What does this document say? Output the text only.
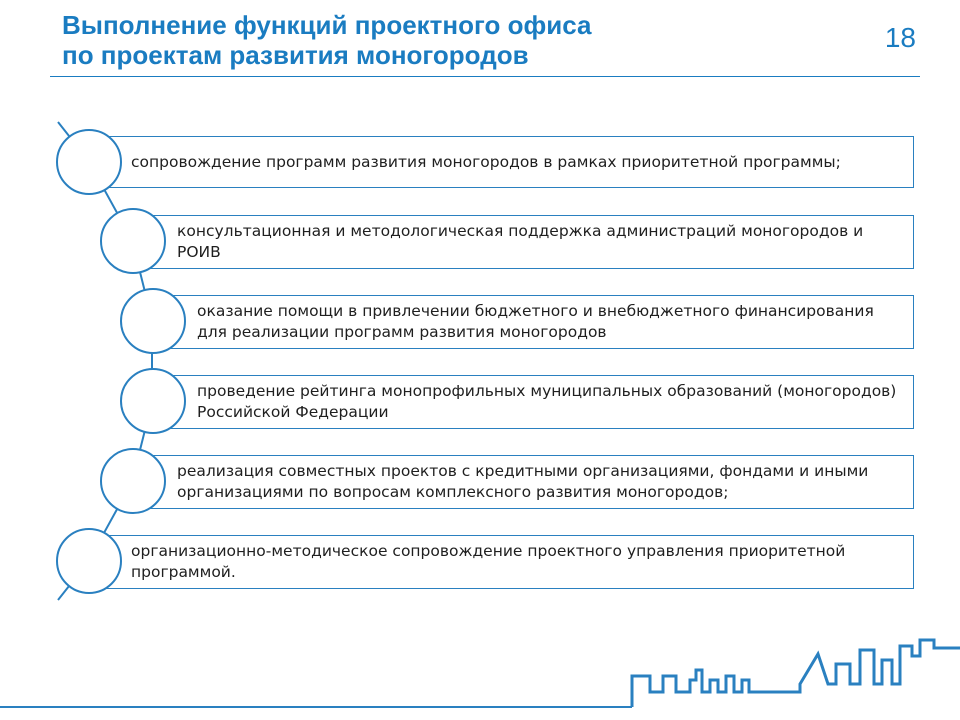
Выполнение функций проектного офиса
по проектам развития моногородов
18
сопровождение программ развития моногородов в рамках приоритетной программы;
консультационная и методологическая поддержка администраций моногородов и РОИВ
оказание помощи в привлечении бюджетного и внебюджетного финансирования для реализации программ развития моногородов
проведение рейтинга монопрофильных муниципальных образований (моногородов) Российской Федерации
реализация совместных проектов с кредитными организациями, фондами и иными организациями по вопросам комплексного развития моногородов;
организационно-методическое сопровождение проектного управления приоритетной программой.
